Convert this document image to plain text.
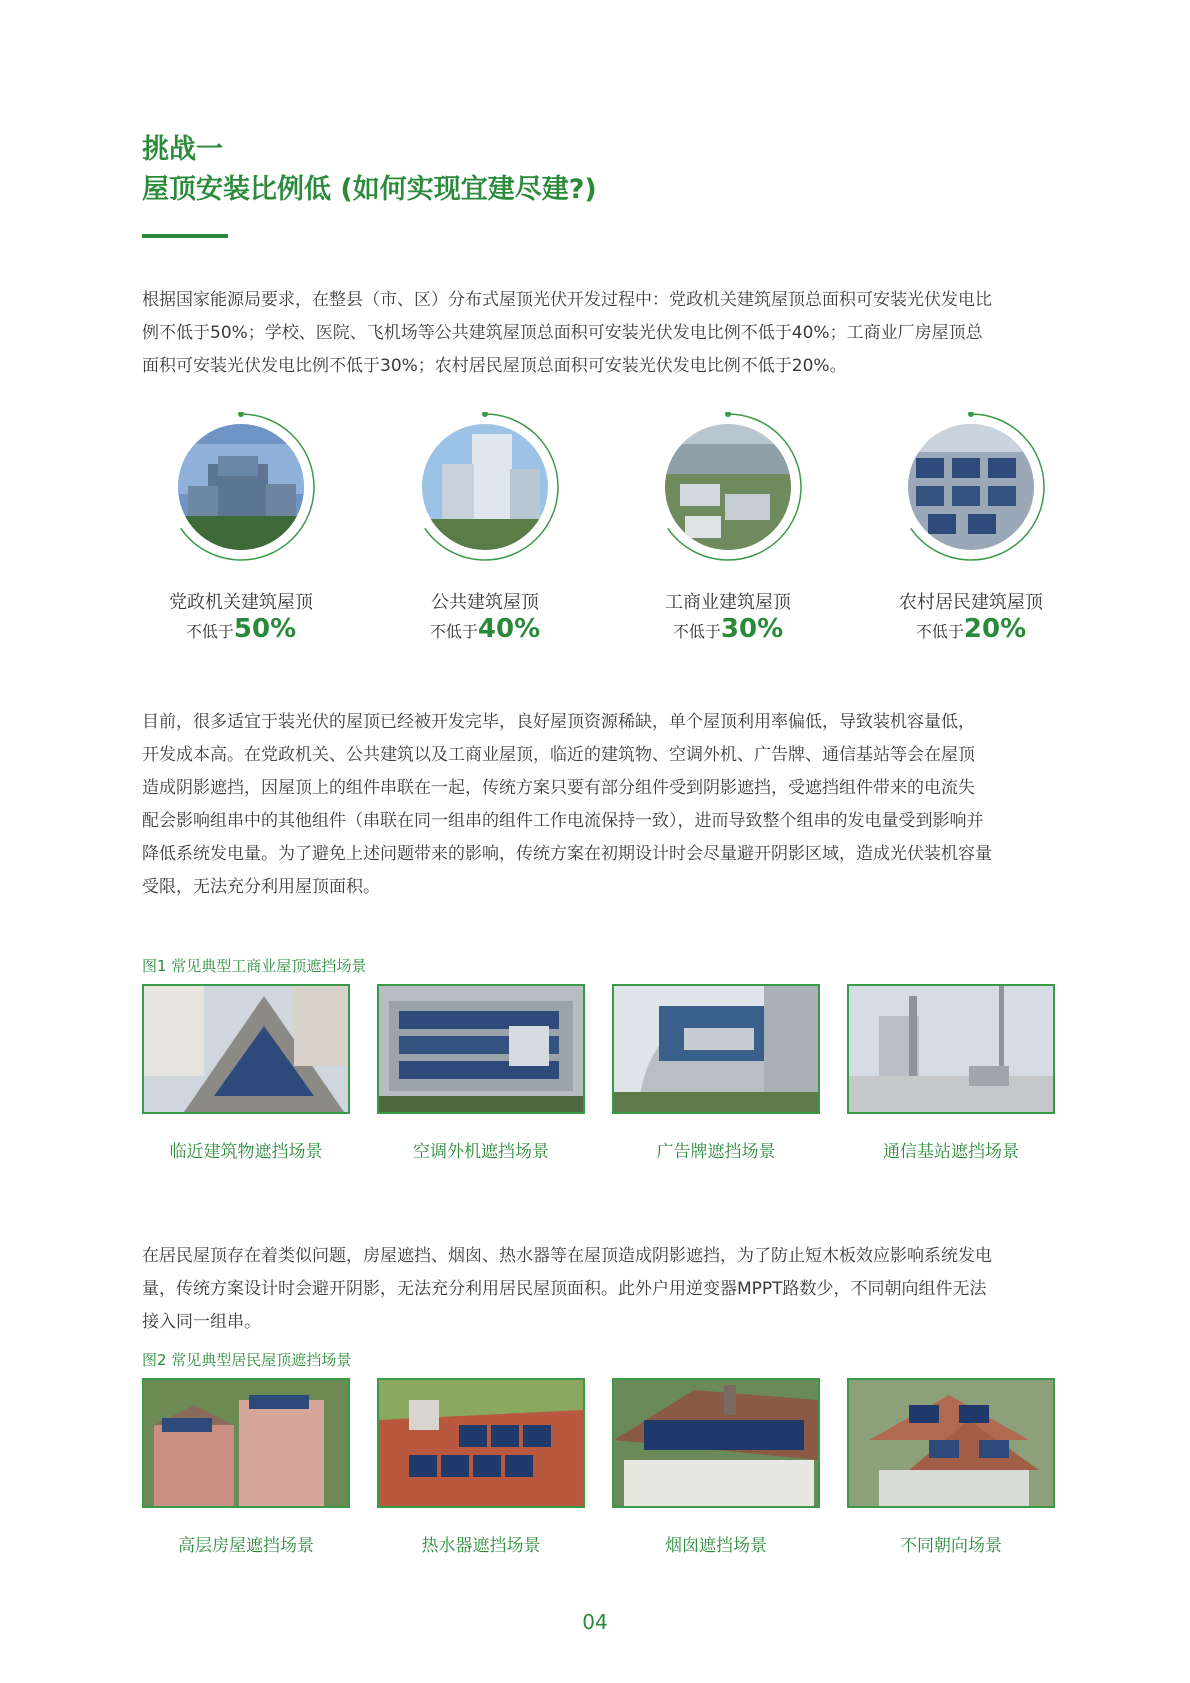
挑战一
屋顶安装比例低 (如何实现宜建尽建?)
根据国家能源局要求，在整县（市、区）分布式屋顶光伏开发过程中：党政机关建筑屋顶总面积可安装光伏发电比
例不低于50%；学校、医院、飞机场等公共建筑屋顶总面积可安装光伏发电比例不低于40%；工商业厂房屋顶总
面积可安装光伏发电比例不低于30%；农村居民屋顶总面积可安装光伏发电比例不低于20%。
党政机关建筑屋顶
不低于50%
公共建筑屋顶
不低于40%
工商业建筑屋顶
不低于30%
农村居民建筑屋顶
不低于20%
目前，很多适宜于装光伏的屋顶已经被开发完毕，良好屋顶资源稀缺，单个屋顶利用率偏低，导致装机容量低，
开发成本高。在党政机关、公共建筑以及工商业屋顶，临近的建筑物、空调外机、广告牌、通信基站等会在屋顶
造成阴影遮挡，因屋顶上的组件串联在一起，传统方案只要有部分组件受到阴影遮挡，受遮挡组件带来的电流失
配会影响组串中的其他组件（串联在同一组串的组件工作电流保持一致），进而导致整个组串的发电量受到影响并
降低系统发电量。为了避免上述问题带来的影响，传统方案在初期设计时会尽量避开阴影区域，造成光伏装机容量
受限，无法充分利用屋顶面积。
图1 常见典型工商业屋顶遮挡场景
临近建筑物遮挡场景	空调外机遮挡场景	广告牌遮挡场景	通信基站遮挡场景
在居民屋顶存在着类似问题，房屋遮挡、烟囱、热水器等在屋顶造成阴影遮挡，为了防止短木板效应影响系统发电
量，传统方案设计时会避开阴影，无法充分利用居民屋顶面积。此外户用逆变器MPPT路数少，不同朝向组件无法
接入同一组串。
图2 常见典型居民屋顶遮挡场景
高层房屋遮挡场景	热水器遮挡场景	烟囱遮挡场景	不同朝向场景
04
